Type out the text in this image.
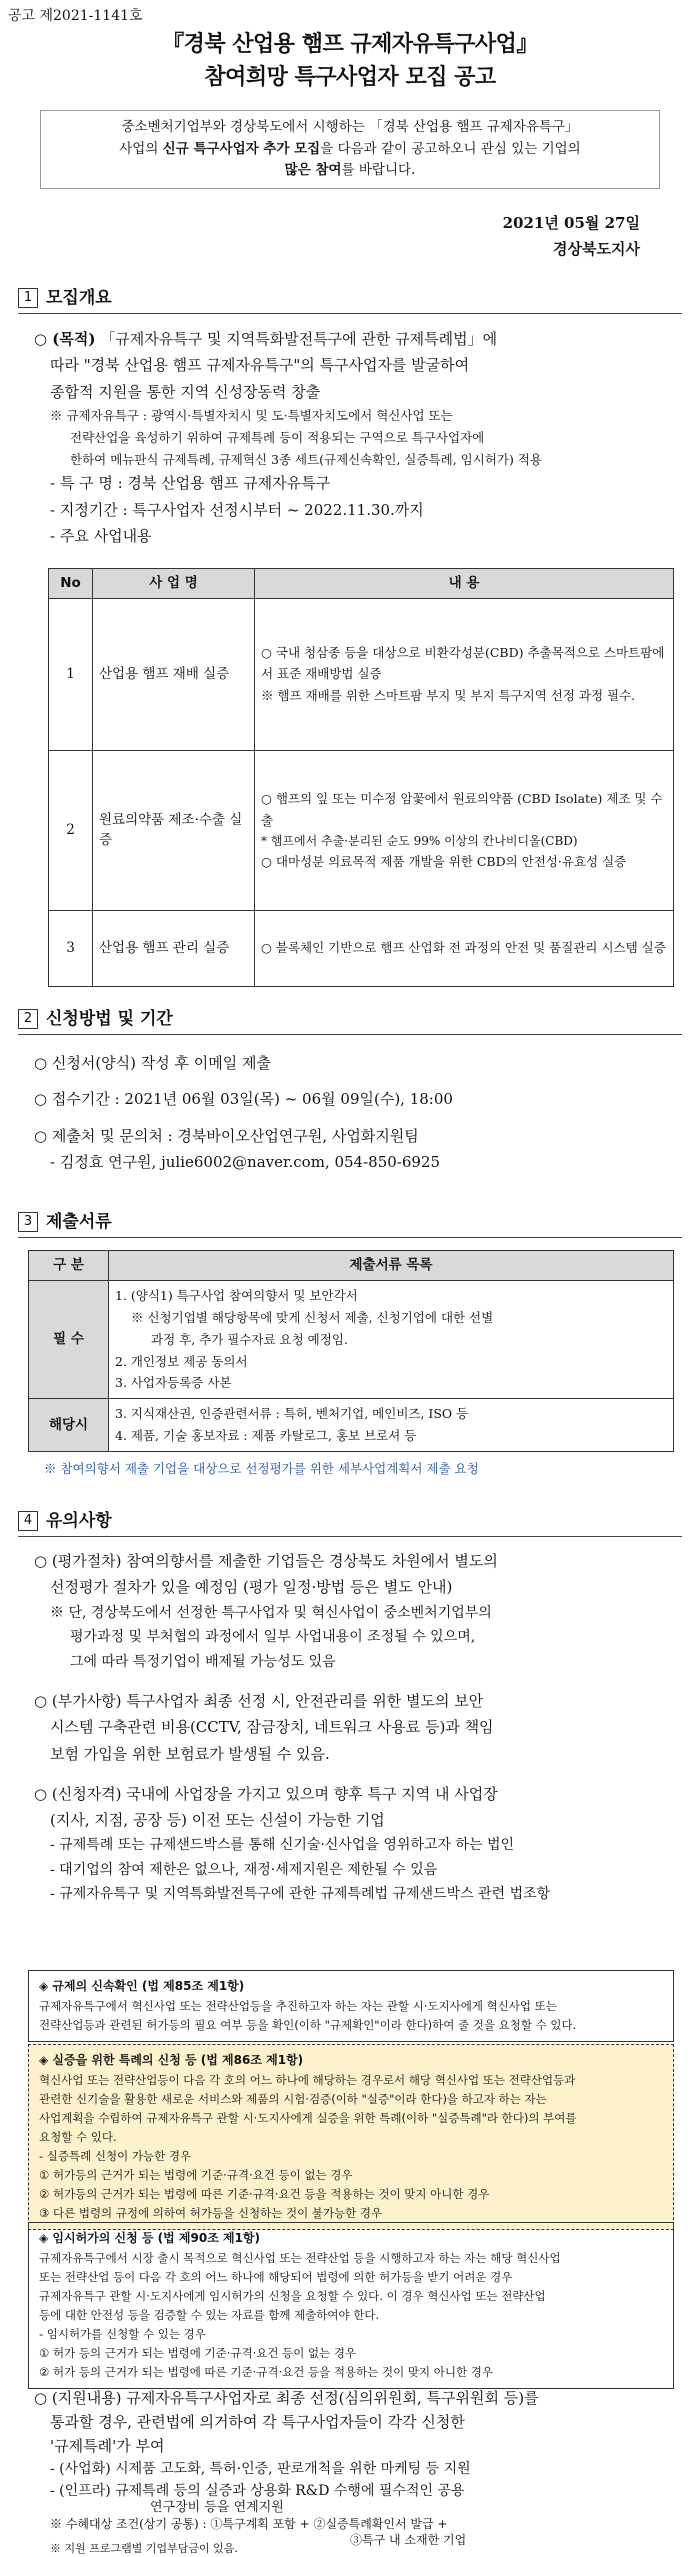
공고 제2021-1141호
『경북 산업용 햄프 규제자유특구사업』
참여희망 특구사업자 모집 공고
중소벤처기업부와 경상북도에서 시행하는 「경북 산업용 햄프 규제자유특구」
사업의 신규 특구사업자 추가 모집을 다음과 같이 공고하오니 관심 있는 기업의
많은 참여를 바랍니다.
2021년 05월 27일
경상북도지사
1 모집개요
○ (목적) 「규제자유특구 및 지역특화발전특구에 관한 규제특례법」에
따라 "경북 산업용 햄프 규제자유특구"의 특구사업자를 발굴하여
종합적 지원을 통한 지역 신성장동력 창출
※ 규제자유특구 : 광역시·특별자치시 및 도·특별자치도에서 혁신사업 또는
전략산업을 육성하기 위하여 규제특례 등이 적용되는 구역으로 특구사업자에
한하여 메뉴판식 규제특례, 규제혁신 3종 세트(규제신속확인, 실증특례, 임시허가) 적용
- 특 구 명 : 경북 산업용 햄프 규제자유특구
- 지정기간 : 특구사업자 선정시부터 ~ 2022.11.30.까지
- 주요 사업내용
No	사 업 명	내 용
1	산업용 햄프 재배 실증	○ 국내 청삼종 등을 대상으로 비환각성분(CBD) 추출목적으로 스마트팜에서 표준 재배방법 실증
※ 햄프 재배를 위한 스마트팜 부지 및 부지 특구지역 선정 과정 필수.

2	원료의약품 제조·수출 실증	○ 햄프의 잎 또는 미수정 암꽃에서 원료의약품 (CBD Isolate) 제조 및 수출
* 햄프에서 추출·분리된 순도 99% 이상의 칸나비디올(CBD)
○ 대마성분 의료목적 제품 개발을 위한 CBD의 안전성·유효성 실증

3	산업용 햄프 관리 실증	○ 블록체인 기반으로 햄프 산업화 전 과정의 안전 및 품질관리 시스템 실증
2 신청방법 및 기간
○ 신청서(양식) 작성 후 이메일 제출
○ 접수기간 : 2021년 06월 03일(목) ~ 06월 09일(수), 18:00
○ 제출처 및 문의처 : 경북바이오산업연구원, 사업화지원팀
- 김정효 연구원, julie6002@naver.com, 054-850-6925
3 제출서류
구 분	제출서류 목록
필 수	1. (양식1) 특구사업 참여의향서 및 보안각서
※ 신청기업별 해당항목에 맞게 신청서 제출, 신청기업에 대한 선별
과정 후, 추가 필수자료 요청 예정임.
2. 개인정보 제공 동의서
3. 사업자등록증 사본

해당시	3. 지식재산권, 인증관련서류 : 특허, 벤처기업, 메인비즈, ISO 등
4. 제품, 기술 홍보자료 : 제품 카탈로그, 홍보 브로셔 등
※ 참여의향서 제출 기업을 대상으로 선정평가를 위한 세부사업계획서 제출 요청
4 유의사항
○ (평가절차) 참여의향서를 제출한 기업들은 경상북도 차원에서 별도의
선정평가 절차가 있을 예정임 (평가 일정·방법 등은 별도 안내)
※ 단, 경상북도에서 선정한 특구사업자 및 혁신사업이 중소벤처기업부의
평가과정 및 부처협의 과정에서 일부 사업내용이 조정될 수 있으며,
그에 따라 특정기업이 배제될 가능성도 있음
○ (부가사항) 특구사업자 최종 선정 시, 안전관리를 위한 별도의 보안
시스템 구축관련 비용(CCTV, 잠금장치, 네트워크 사용료 등)과 책임
보험 가입을 위한 보험료가 발생될 수 있음.
○ (신청자격) 국내에 사업장을 가지고 있으며 향후 특구 지역 내 사업장
(지사, 지점, 공장 등) 이전 또는 신설이 가능한 기업
- 규제특례 또는 규제샌드박스를 통해 신기술·신사업을 영위하고자 하는 법인
- 대기업의 참여 제한은 없으나, 재정·세제지원은 제한될 수 있음
- 규제자유특구 및 지역특화발전특구에 관한 규제특례법 규제샌드박스 관련 법조항
◈ 규제의 신속확인 (법 제85조 제1항)
규제자유특구에서 혁신사업 또는 전략산업등을 추진하고자 하는 자는 관할 시·도지사에게 혁신사업 또는
전략산업등과 관련된 허가등의 필요 여부 등을 확인(이하 "규제확인"이라 한다)하여 줄 것을 요청할 수 있다.
◈ 실증을 위한 특례의 신청 등 (법 제86조 제1항)
혁신사업 또는 전략산업등이 다음 각 호의 어느 하나에 해당하는 경우로서 해당 혁신사업 또는 전략산업등과
관련한 신기술을 활용한 새로운 서비스와 제품의 시험·검증(이하 "실증"이라 한다)을 하고자 하는 자는
사업계획을 수립하여 규제자유특구 관할 시·도지사에게 실증을 위한 특례(이하 "실증특례"라 한다)의 부여를
요청할 수 있다.
- 실증특례 신청이 가능한 경우
① 허가등의 근거가 되는 법령에 기준·규격·요건 등이 없는 경우
② 허가등의 근거가 되는 법령에 따른 기준·규격·요건 등을 적용하는 것이 맞지 아니한 경우
③ 다른 법령의 규정에 의하여 허가등을 신청하는 것이 불가능한 경우
◈ 임시허가의 신청 등 (법 제90조 제1항)
규제자유특구에서 시장 출시 목적으로 혁신사업 또는 전략산업 등을 시행하고자 하는 자는 해당 혁신사업
또는 전략산업 등이 다음 각 호의 어느 하나에 해당되어 법령에 의한 허가등을 받기 어려운 경우
규제자유특구 관할 시·도지사에게 임시허가의 신청을 요청할 수 있다. 이 경우 혁신사업 또는 전략산업
등에 대한 안전성 등을 검증할 수 있는 자료를 함께 제출하여야 한다.
- 임시허가를 신청할 수 있는 경우
① 허가 등의 근거가 되는 법령에 기준·규격·요건 등이 없는 경우
② 허가 등의 근거가 되는 법령에 따른 기준·규격·요건 등을 적용하는 것이 맞지 아니한 경우
○ (지원내용) 규제자유특구사업자로 최종 선정(심의위원회, 특구위원회 등)를
통과할 경우, 관련법에 의거하여 각 특구사업자들이 각각 신청한
'규제특례'가 부여
- (사업화) 시제품 고도화, 특허·인증, 판로개척을 위한 마케팅 등 지원
- (인프라) 규제특례 등의 실증과 상용화 R&D 수행에 필수적인 공용
연구장비 등을 연계지원
※ 수혜대상 조건(상기 공통) : ①특구계획 포함 + ②실증특례확인서 발급 +
③특구 내 소재한 기업
※ 지원 프로그램별 기업부담금이 있음.
